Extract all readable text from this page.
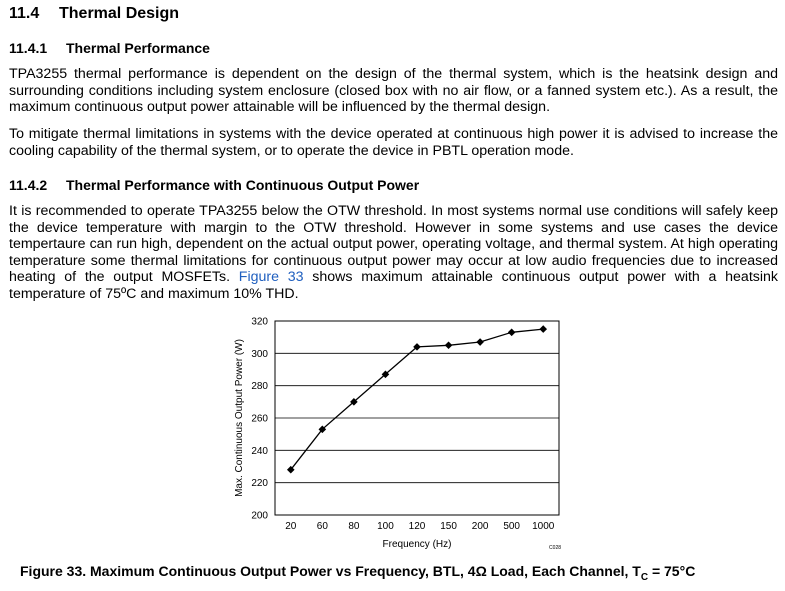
11.4 Thermal Design
11.4.1 Thermal Performance

TPA3255 thermal performance is dependent on the design of the thermal system, which is the heatsink design and surrounding conditions including system enclosure (closed box with no air flow, or a fanned system etc.). As a result, the maximum continuous output power attainable will be influenced by the thermal design.

To mitigate thermal limitations in systems with the device operated at continuous high power it is advised to increase the cooling capability of the thermal system, or to operate the device in PBTL operation mode.

11.4.2 Thermal Performance with Continuous Output Power

It is recommended to operate TPA3255 below the OTW threshold. In most systems normal use conditions will safely keep the device temperature with margin to the OTW threshold. However in some systems and use cases the device tempertaure can run high, dependent on the actual output power, operating voltage, and thermal system. At high operating temperature some thermal limitations for continuous output power may occur at low audio frequencies due to increased heating of the output MOSFETs. Figure 33 shows maximum attainable continuous output power with a heatsink temperature of 75ºC and maximum 10% THD.

200
220
240
260
280
300
320
20 60 80 100 120 150 200 500 1000
Frequency (Hz)
Max. Continuous Output Power (W)
C028

Figure 33. Maximum Continuous Output Power vs Frequency, BTL, 4Ω Load, Each Channel, $T_C = 75^\circ C$
